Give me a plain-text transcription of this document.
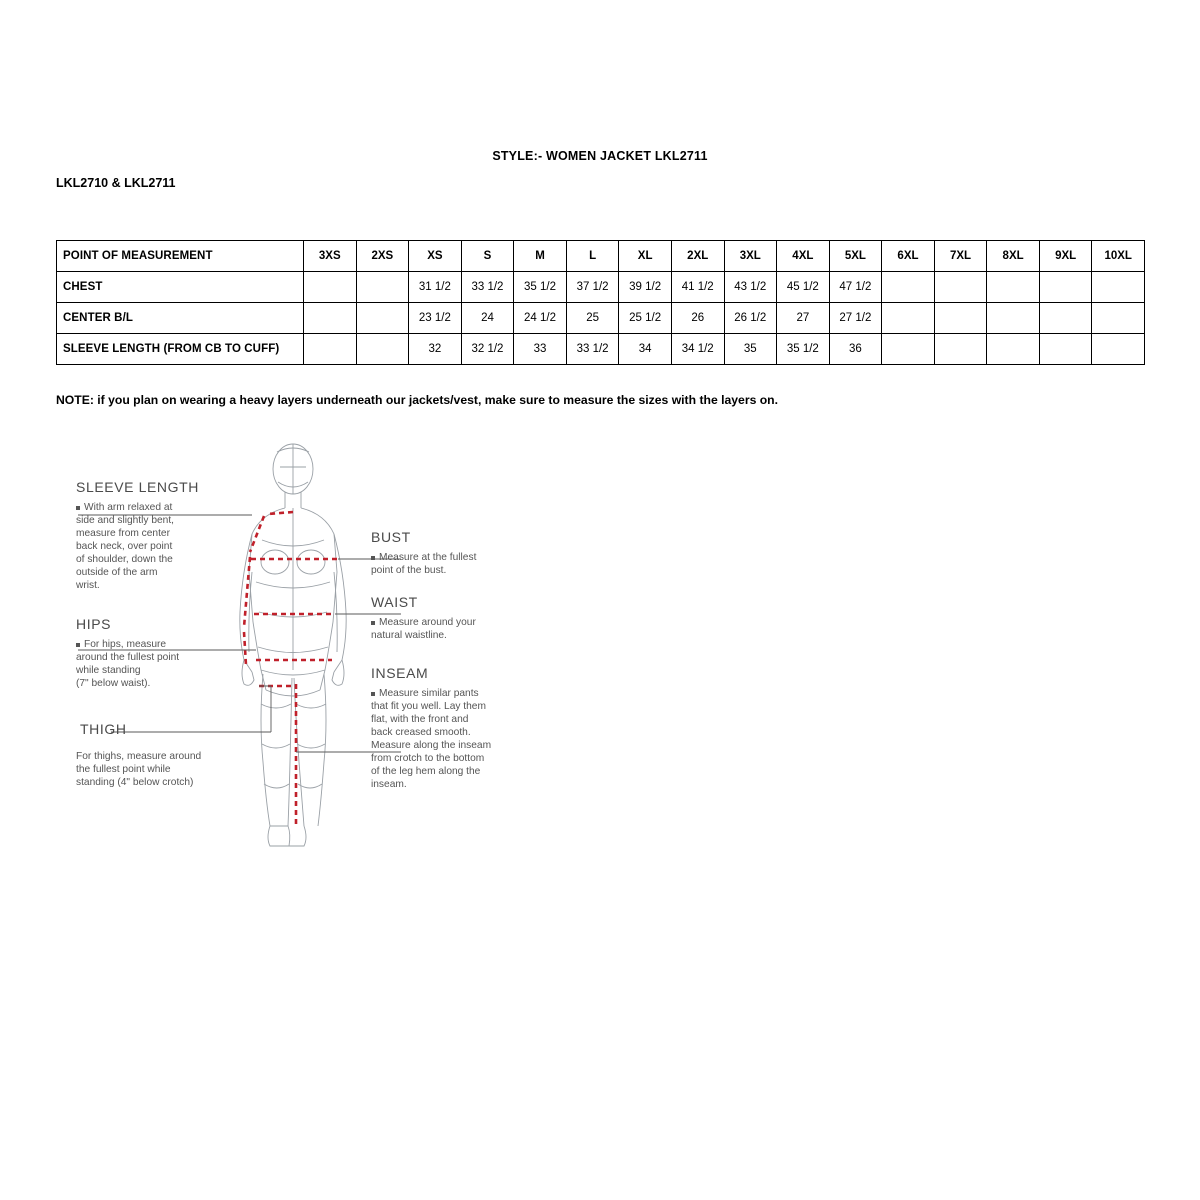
STYLE:- WOMEN JACKET LKL2711
LKL2710 & LKL2711
POINT OF MEASUREMENT	3XS	2XS	XS	S	M	L	XL	2XL	3XL	4XL	5XL	6XL	7XL	8XL	9XL	10XL
CHEST			31 1/2	33 1/2	35 1/2	37 1/2	39 1/2	41 1/2	43 1/2	45 1/2	47 1/2					
CENTER B/L			23 1/2	24	24 1/2	25	25 1/2	26	26 1/2	27	27 1/2					
SLEEVE LENGTH (FROM CB TO CUFF)			32	32 1/2	33	33 1/2	34	34 1/2	35	35 1/2	36					
NOTE: if you plan on wearing a heavy layers underneath our jackets/vest, make sure to measure the sizes with the layers on.
SLEEVE LENGTH
With arm relaxed at side and slightly bent, measure from center back neck, over point of shoulder, down the outside of the arm wrist.
HIPS
For hips, measure around the fullest point while standing (7" below waist).
THIGH
For thighs, measure around the fullest point while standing (4" below crotch)
BUST
Measure at the fullest point of the bust.
WAIST
Measure around your natural waistline.
INSEAM
Measure similar pants that fit you well. Lay them flat, with the front and back creased smooth. Measure along the inseam from crotch to the bottom of the leg hem along the inseam.
